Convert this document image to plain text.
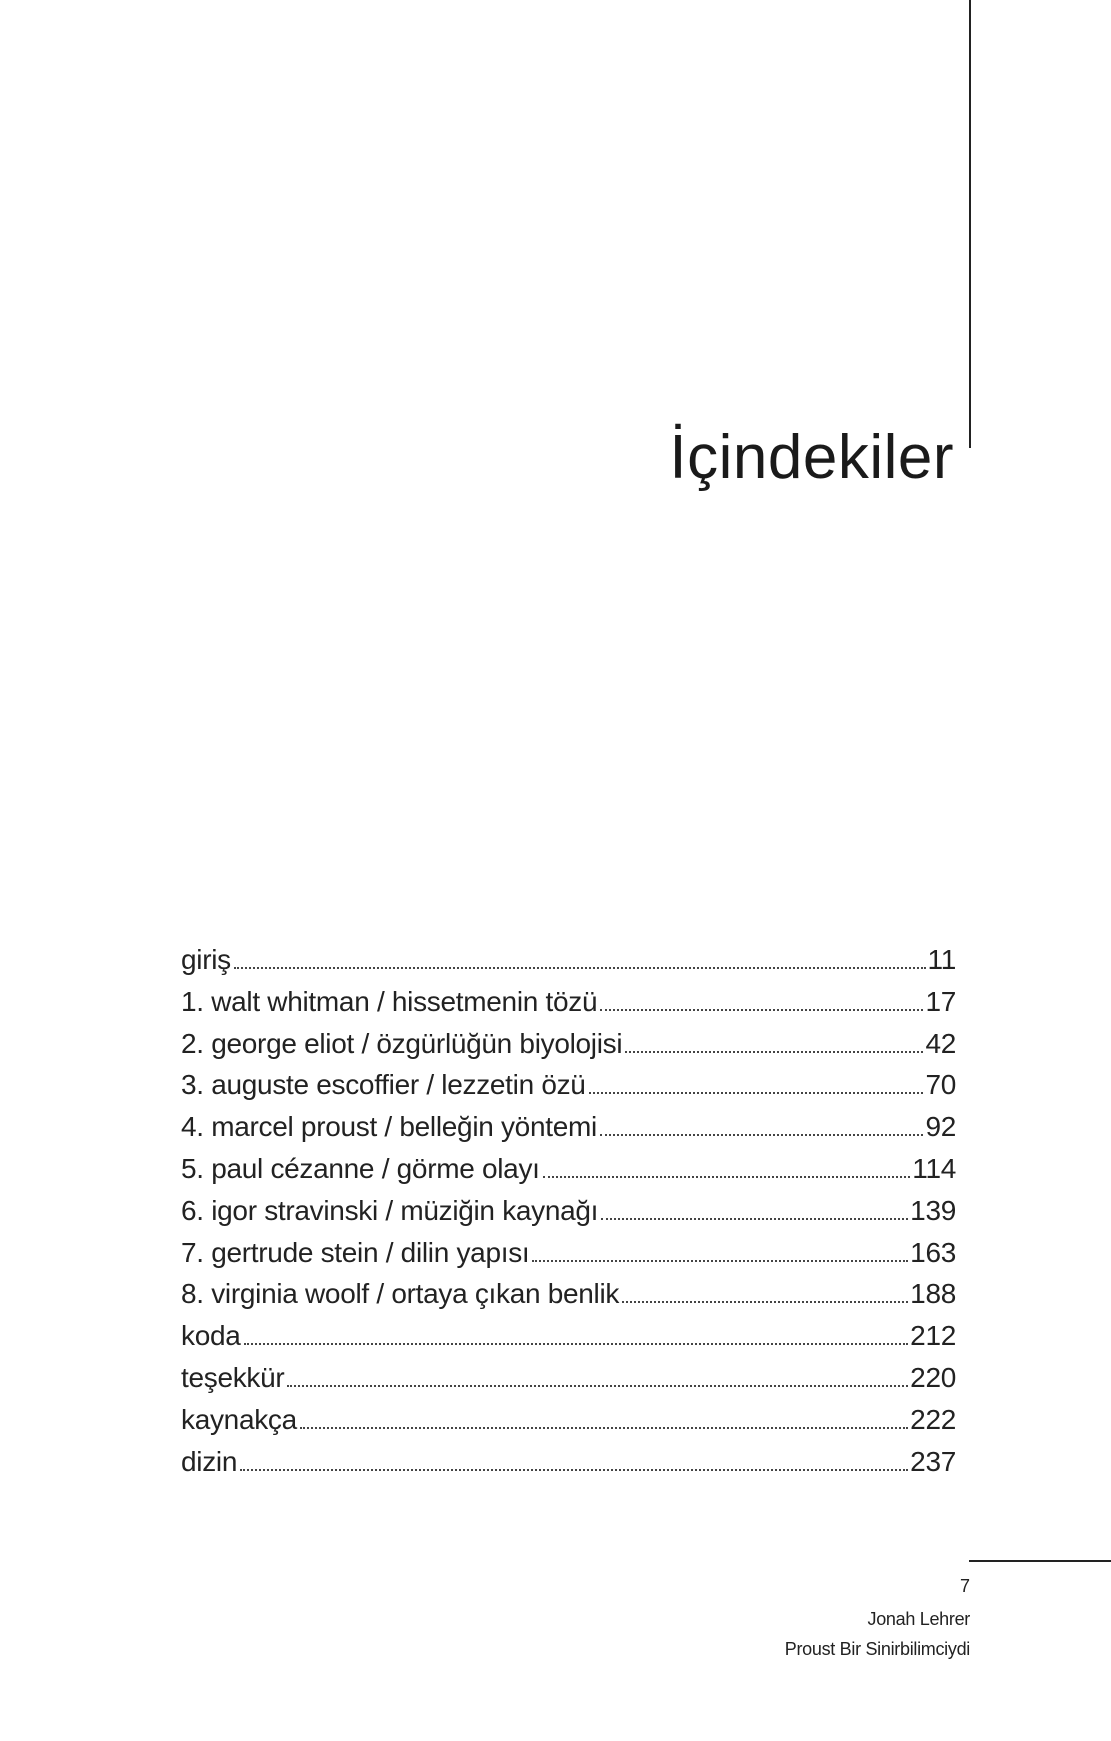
İçindekiler
giriş	11
1. walt whitman / hissetmenin tözü	17
2. george eliot / özgürlüğün biyolojisi	42
3. auguste escoffier / lezzetin özü	70
4. marcel proust / belleğin yöntemi	92
5. paul cézanne / görme olayı	114
6. igor stravinski / müziğin kaynağı	139
7. gertrude stein / dilin yapısı	163
8. virginia woolf / ortaya çıkan benlik	188
koda	212
teşekkür	220
kaynakça	222
dizin	237
7
Jonah Lehrer
Proust Bir Sinirbilimciydi
